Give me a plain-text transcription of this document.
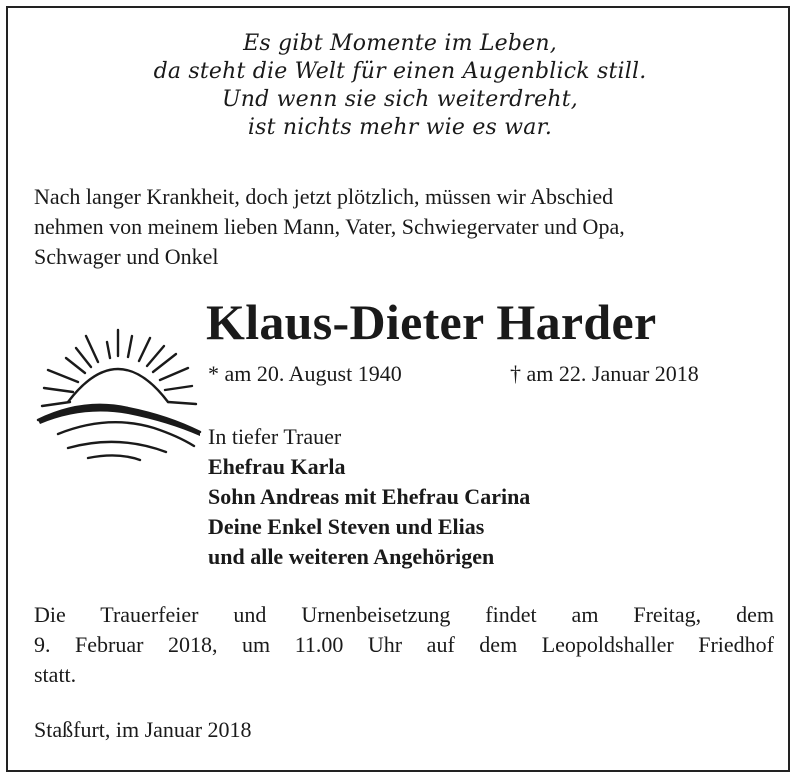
Es gibt Momente im Leben,
da steht die Welt für einen Augenblick still.
Und wenn sie sich weiterdreht,
ist nichts mehr wie es war.
Nach langer Krankheit, doch jetzt plötzlich, müssen wir Abschied
nehmen von meinem lieben Mann, Vater, Schwiegervater und Opa,
Schwager und Onkel
Klaus-Dieter Harder
* am 20. August 1940	† am 22. Januar 2018
In tiefer Trauer
Ehefrau Karla
Sohn Andreas mit Ehefrau Carina
Deine Enkel Steven und Elias
und alle weiteren Angehörigen
Die Trauerfeier und Urnenbeisetzung findet am Freitag, dem
9. Februar 2018, um 11.00 Uhr auf dem Leopoldshaller Friedhof
statt.
Staßfurt, im Januar 2018
